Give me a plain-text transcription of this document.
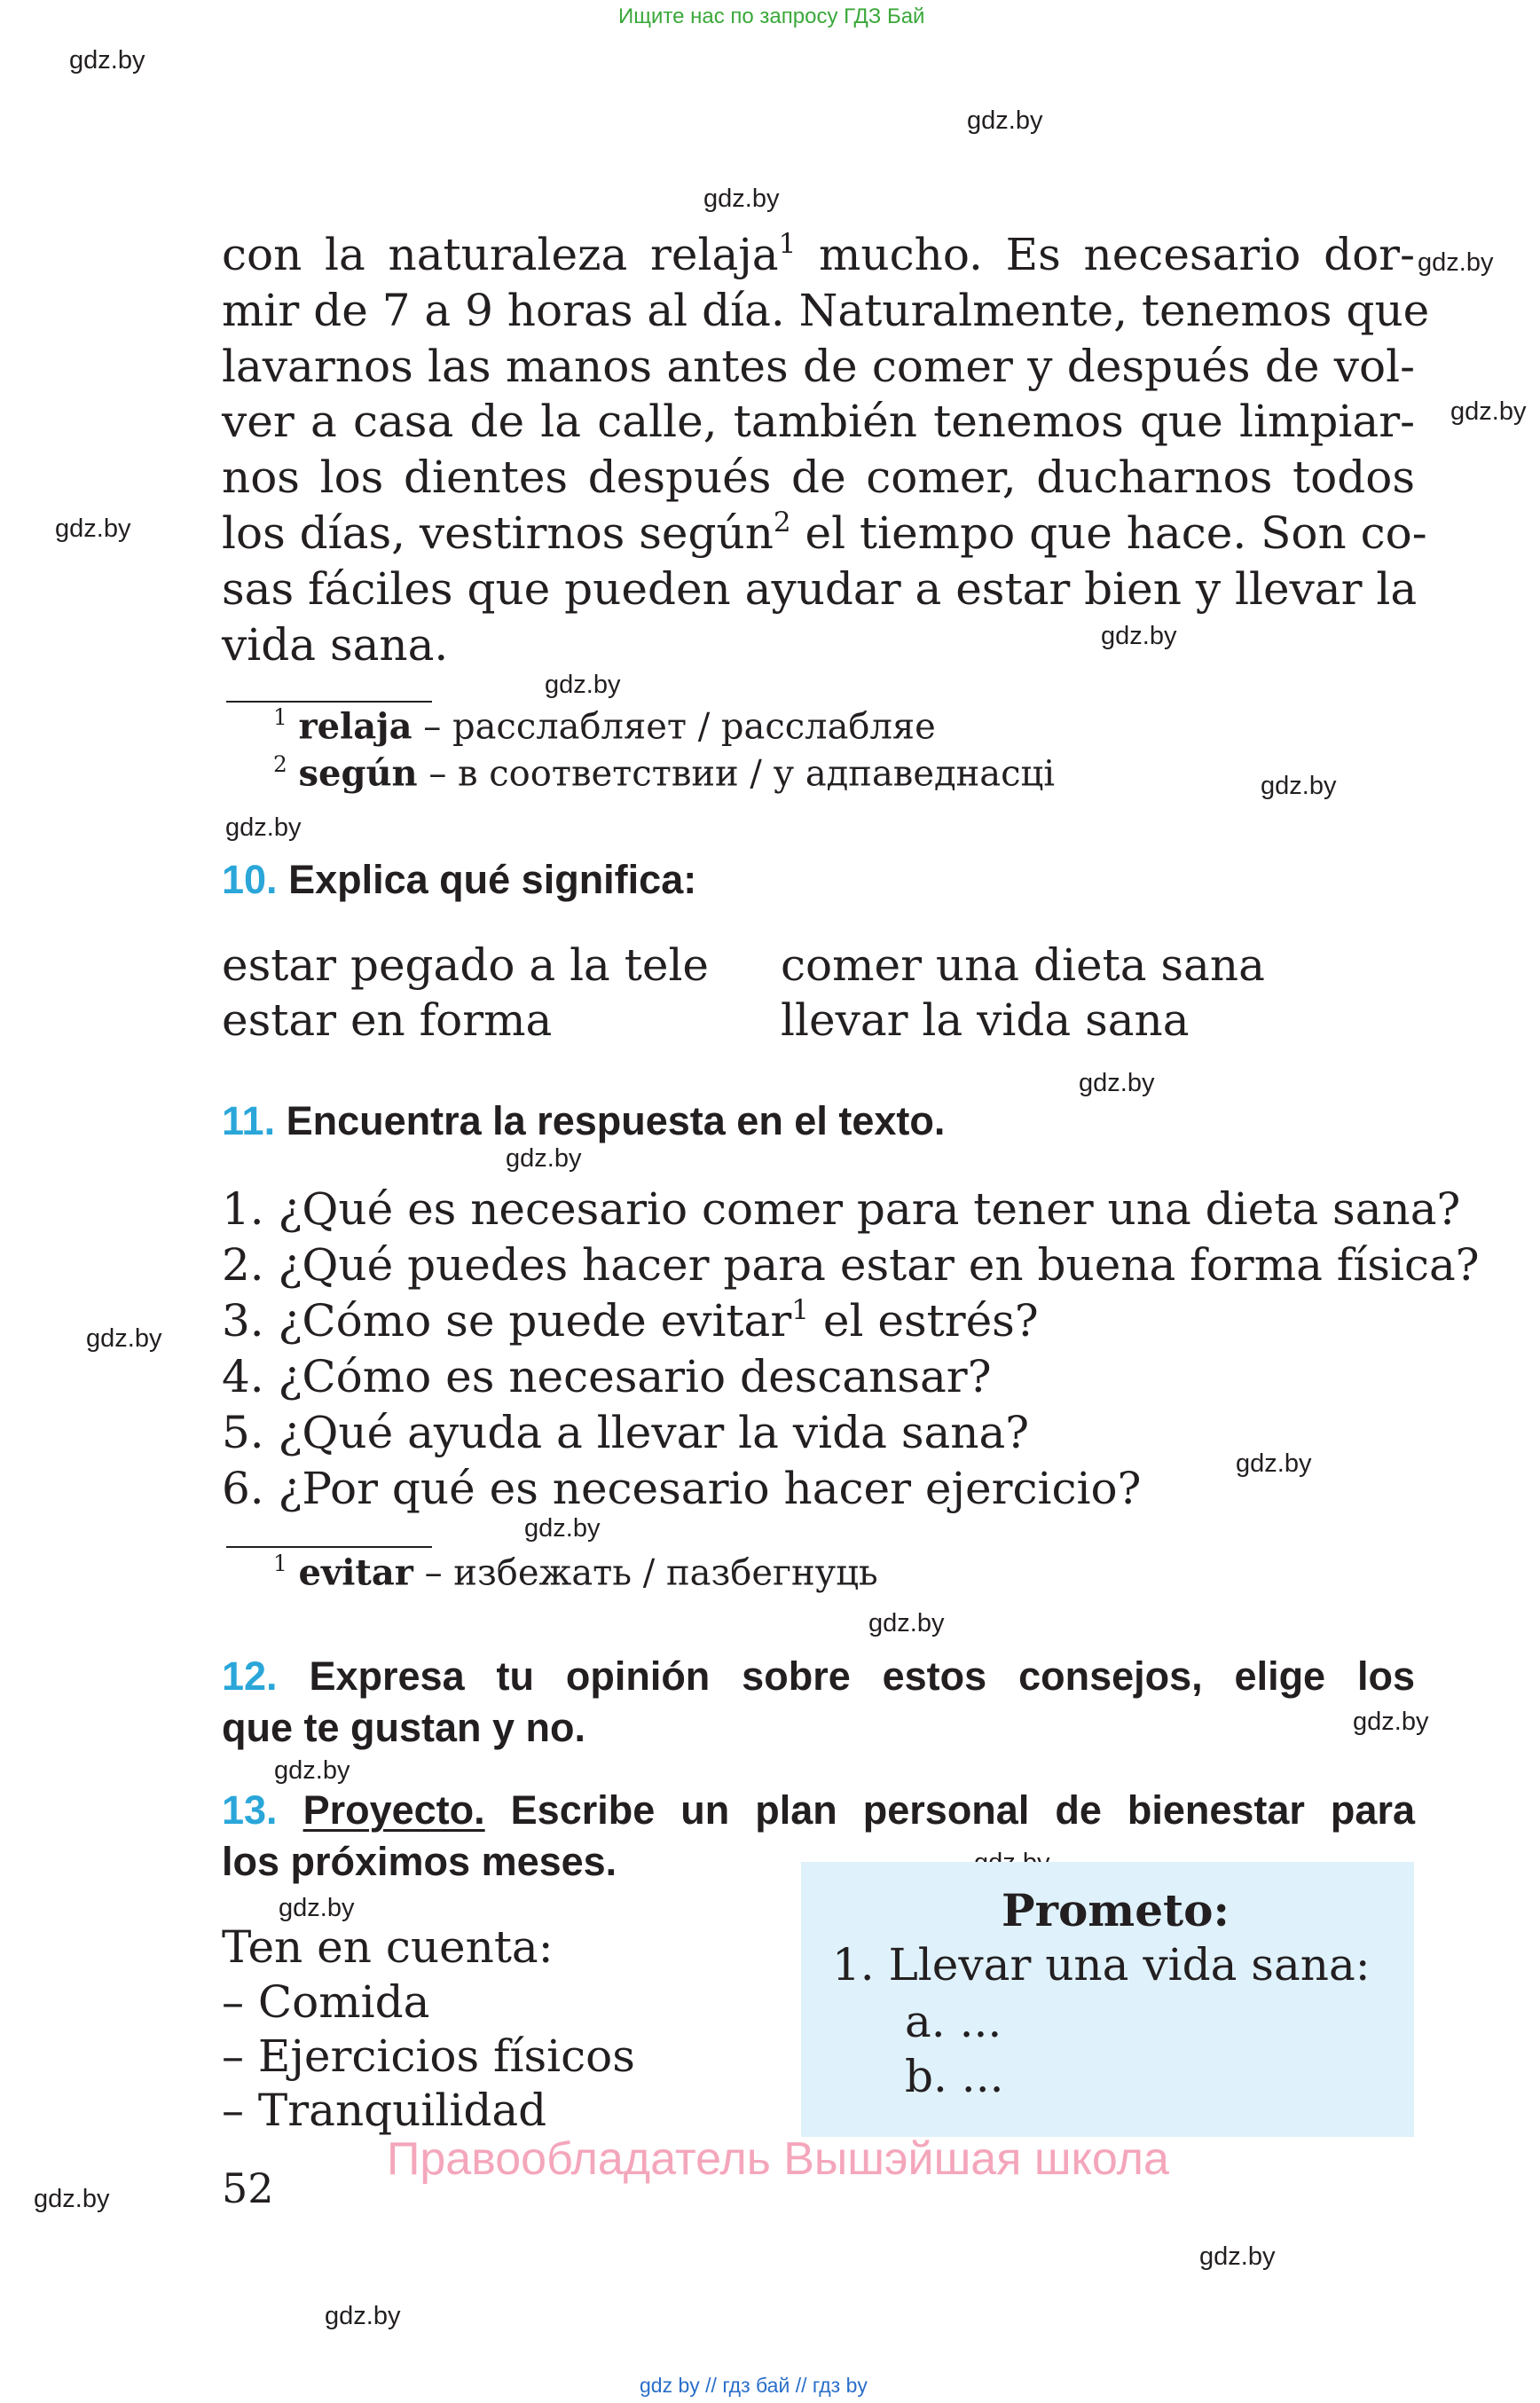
Ищите нас по запросу ГДЗ Бай
gdz.by
gdz.by
gdz.by
gdz.by
gdz.by
gdz.by
gdz.by
gdz.by
gdz.by
gdz.by
gdz.by
gdz.by
gdz.by
gdz.by
gdz.by
gdz.by
gdz.by
gdz.by
gdz.by
gdz.by
gdz.by
gdz.by
con la naturaleza relaja$^1$ mucho. Es necesario dor-
mir de 7 a 9 horas al día. Naturalmente, tenemos que
lavarnos las manos antes de comer y después de vol-
ver a casa de la calle, también tenemos que limpiar-
nos los dientes después de comer, ducharnos todos
los días, vestirnos según$^2$ el tiempo que hace. Son co-
sas fáciles que pueden ayudar a estar bien y llevar la
vida sana.
$^1$ relaja – расслабляет / расслабляе
$^2$ según – в соответствии / у адпаведнасці
10. Explica qué significa:
estar pegado a la tele comer una dieta sana
estar en forma	llevar la vida sana
11. Encuentra la respuesta en el texto.
1. ¿Qué es necesario comer para tener una dieta sana?
2. ¿Qué puedes hacer para estar en buena forma física?
3. ¿Cómo se puede evitar$^1$ el estrés?
4. ¿Cómo es necesario descansar?
5. ¿Qué ayuda a llevar la vida sana?
6. ¿Por qué es necesario hacer ejercicio?
$^1$ evitar – избежать / пазбегнуць
12. Expresa tu opinión sobre estos consejos, elige los
que te gustan y no.
13. Proyecto. Escribe un plan personal de bienestar para
los próximos meses.
Ten en cuenta:
– Comida
– Ejercicios físicos
– Tranquilidad
Prometo:
1. Llevar una vida sana:
a. ...
b. ...
Правообладатель Вышэйшая школа
52
gdz by // гдз бай // гдз by
